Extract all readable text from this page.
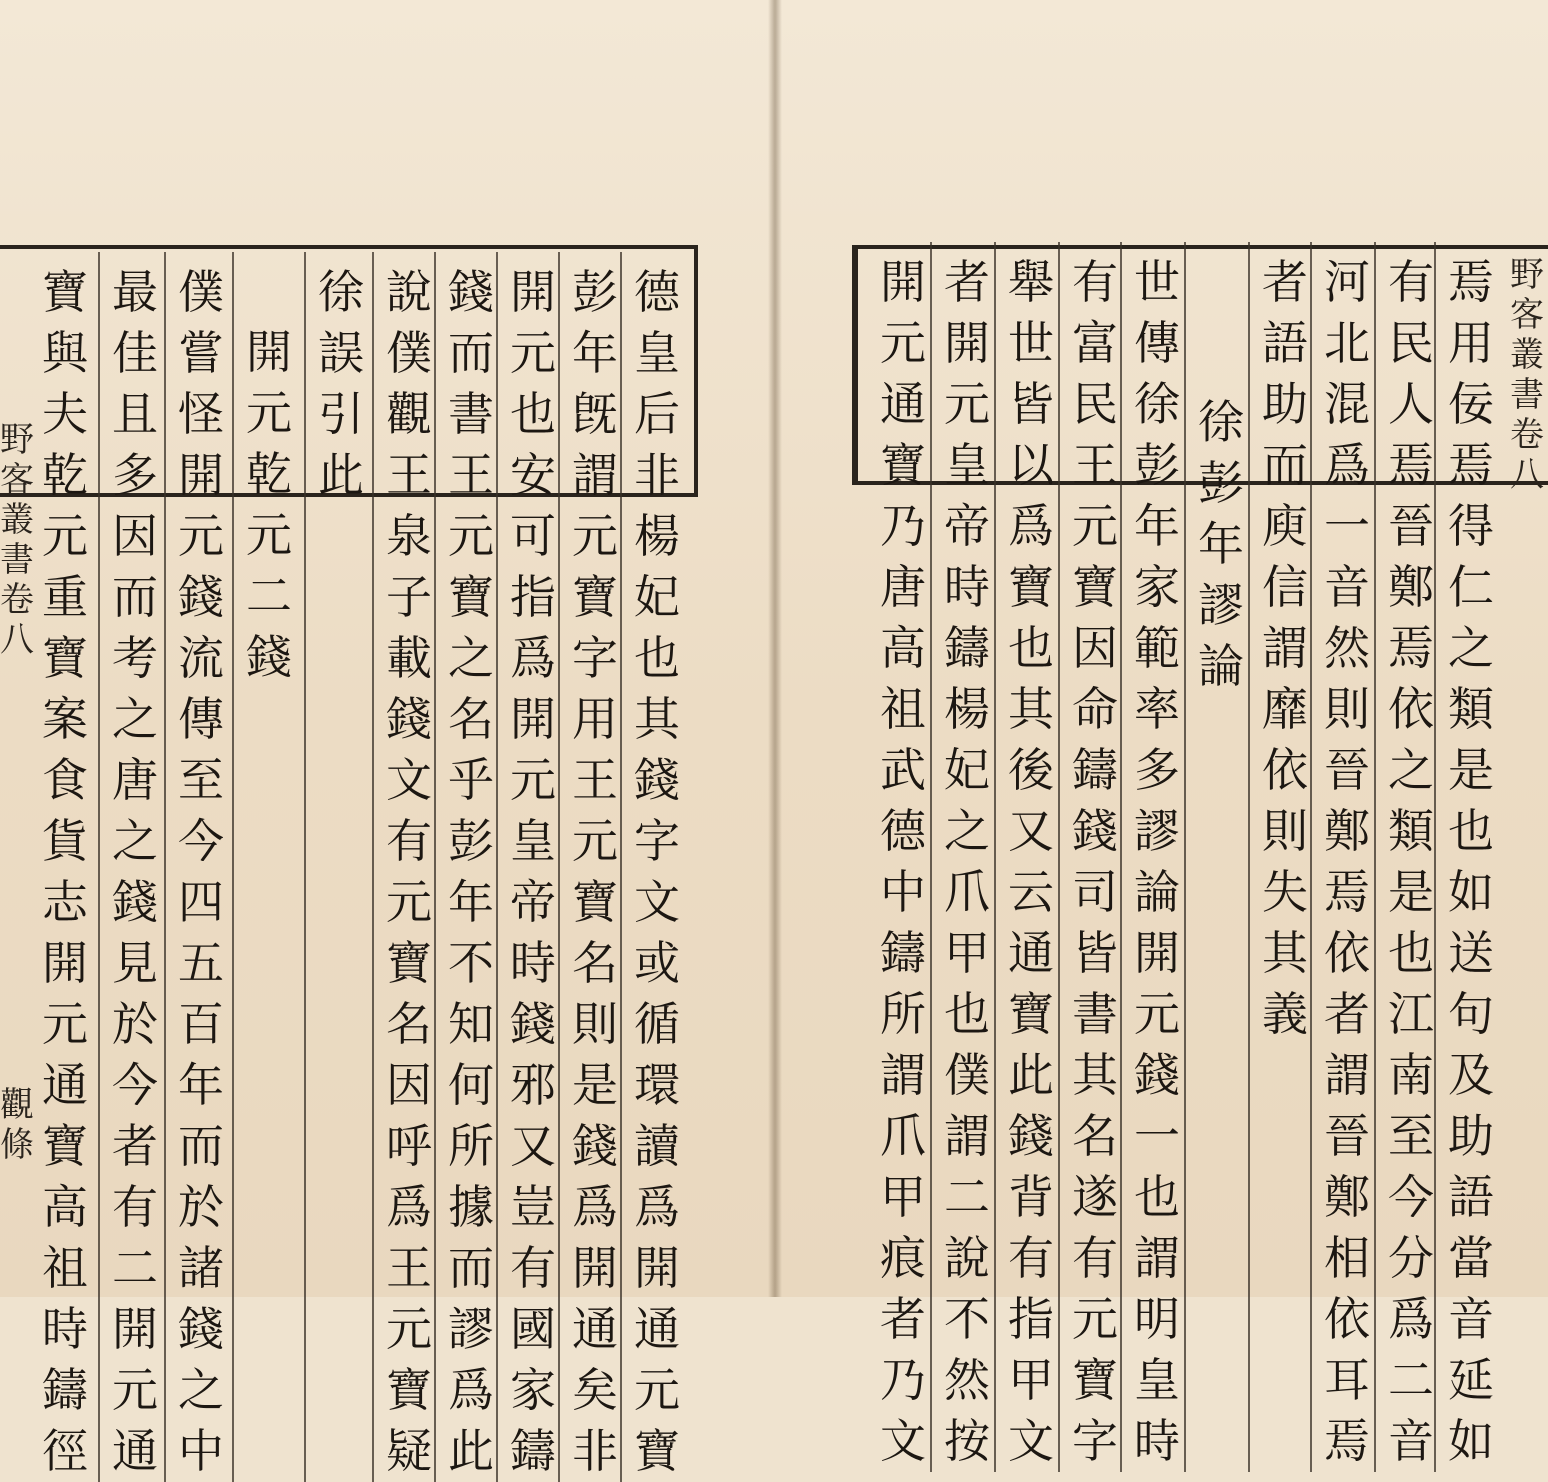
德
皇
后
非
楊
妃
也
其
錢
字
文
或
循
環
讀
爲
開
通
元
寶
彭
年
旣
謂
元
寶
字
用
王
元
寶
名
則
是
錢
爲
開
通
矣
非
開
元
也
安
可
指
爲
開
元
皇
帝
時
錢
邪
又
豈
有
國
家
鑄
錢
而
書
王
元
寶
之
名
乎
彭
年
不
知
何
所
據
而
謬
爲
此
說
僕
觀
王
泉
子
載
錢
文
有
元
寶
名
因
呼
爲
王
元
寶
疑
徐
誤
引
此
開
元
乾
元
二
錢
僕
嘗
怪
開
元
錢
流
傳
至
今
四
五
百
年
而
於
諸
錢
之
中
最
佳
且
多
因
而
考
之
唐
之
錢
見
於
今
者
有
二
開
元
通
寶
與
夫
乾
元
重
寶
案
食
貨
志
開
元
通
寶
高
祖
時
鑄
徑
野
客
叢
書
卷
八
焉
用
佞
焉
得
仁
之
類
是
也
如
送
句
及
助
語
當
音
延
如
有
民
人
焉
晉
鄭
焉
依
之
類
是
也
江
南
至
今
分
爲
二
音
河
北
混
爲
一
音
然
則
晉
鄭
焉
依
者
謂
晉
鄭
相
依
耳
焉
者
語
助
而
庾
信
謂
靡
依
則
失
其
義
徐
彭
年
謬
論
世
傳
徐
彭
年
家
範
率
多
謬
論
開
元
錢
一
也
謂
明
皇
時
有
富
民
王
元
寶
因
命
鑄
錢
司
皆
書
其
名
遂
有
元
寶
字
舉
世
皆
以
爲
寶
也
其
後
又
云
通
寶
此
錢
背
有
指
甲
文
者
開
元
皇
帝
時
鑄
楊
妃
之
爪
甲
也
僕
謂
二
說
不
然
按
開
元
通
寶
乃
唐
高
祖
武
德
中
鑄
所
謂
爪
甲
痕
者
乃
文
野
客
叢
書
卷
八
觀
條
